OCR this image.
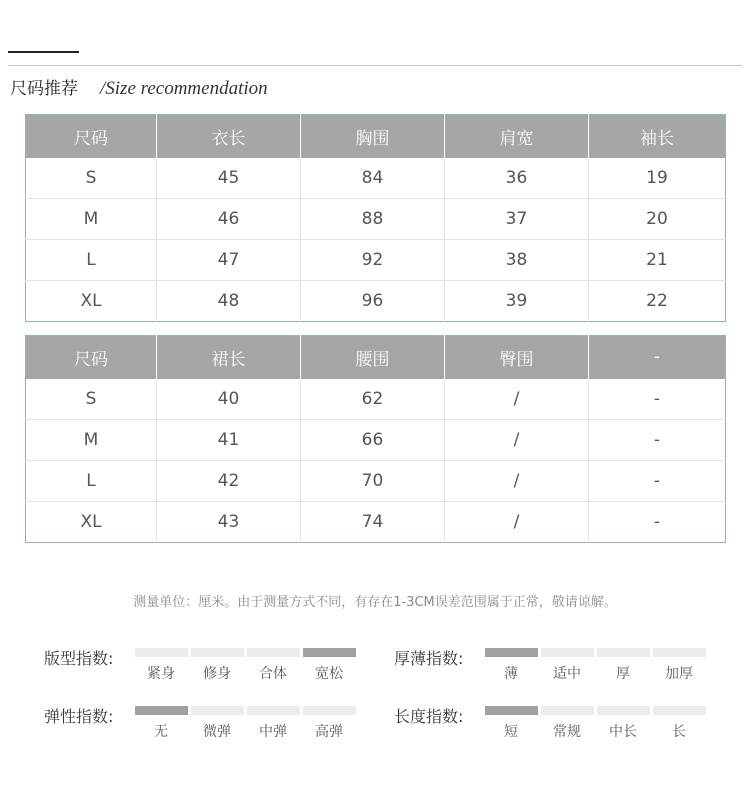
尺码推荐 /Size recommendation
尺码	衣长	胸围	肩宽	袖长
S	45	84	36	19
M	46	88	37	20
L	47	92	38	21
XL	48	96	39	22
尺码	裙长	腰围	臀围	-
S	40	62	/	-
M	41	66	/	-
L	42	70	/	-
XL	43	74	/	-
测量单位：厘米。由于测量方式不同，有存在1-3CM误差范围属于正常，敬请谅解。
版型指数:
紧身 修身 合体 宽松
厚薄指数:
薄	适中	厚	加厚
弹性指数:
无	微弹 中弹 高弹
长度指数:
短	常规 中长	长
